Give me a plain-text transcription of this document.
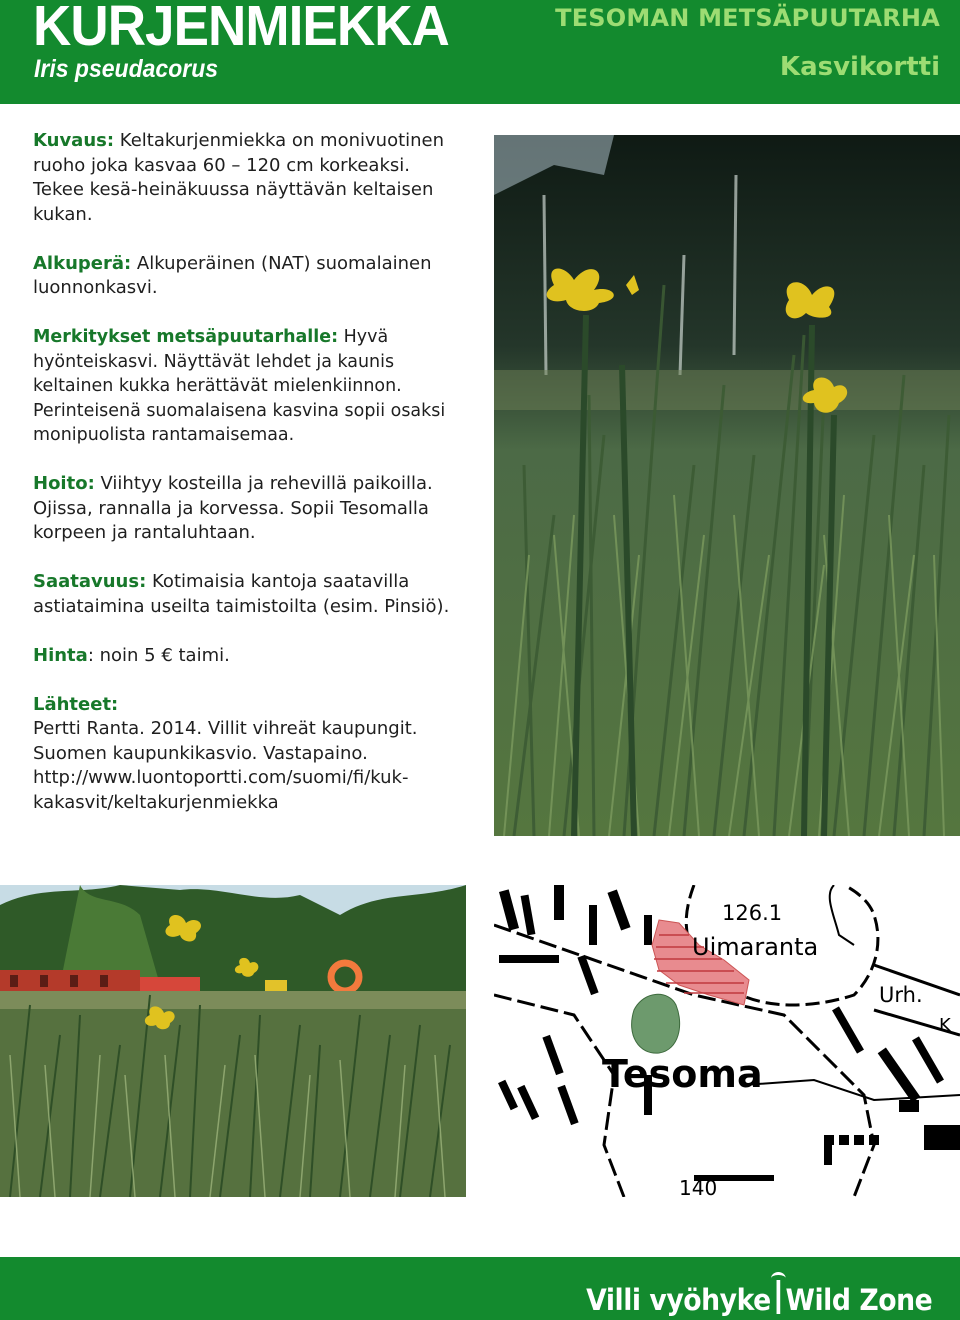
KURJENMIEKKA
Iris pseudacorus
TESOMAN METSÄPUUTARHA
Kasvikortti

Kuvaus: Keltakurjenmiekka on monivuotinen ruoho joka kasvaa 60 – 120 cm korkeaksi. Tekee kesä-heinäkuussa näyttävän keltaisen kukan.

Alkuperä: Alkuperäinen (NAT) suomalainen luonnonkasvi.

Merkitykset metsäpuutarhalle: Hyvä hyönteiskasvi. Näyttävät lehdet ja kaunis keltainen kukka herättävät mielenkiinnon. Perinteisenä suomalaisena kasvina sopii osaksi monipuolista rantamaisemaa.

Hoito: Viihtyy kosteilla ja rehevillä paikoilla. Ojissa, rannalla ja korvessa. Sopii Tesomalla korpeen ja rantaluhtaan.

Saatavuus: Kotimaisia kantoja saatavilla astiataimina useilta taimistoilta (esim. Pinsiö).

Hinta: noin 5 € taimi.

Lähteet:
Pertti Ranta. 2014. Villit vihreät kaupungit.
Suomen kaupunkikasvio. Vastapaino.
http://www.luontoportti.com/suomi/fi/kuk-
kakasvit/keltakurjenmiekka
126.1
Uimaranta
Urh.
K
Tesoma
140
Villi vyöhyke Wild Zone
